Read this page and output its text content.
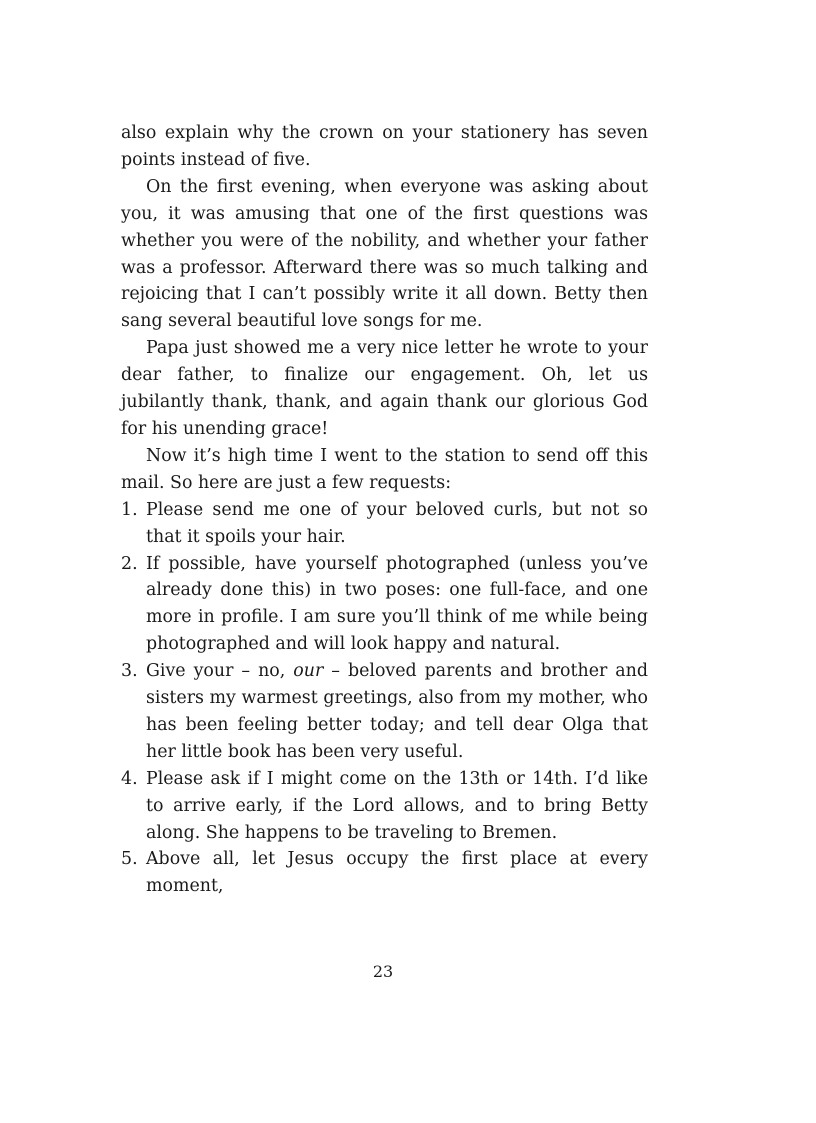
also explain why the crown on your stationery has seven points instead of five.

On the first evening, when everyone was asking about you, it was amusing that one of the first questions was whether you were of the nobility, and whether your father was a professor. Afterward there was so much talking and rejoicing that I can’t possibly write it all down. Betty then sang several beautiful love songs for me.

Papa just showed me a very nice letter he wrote to your dear father, to finalize our engagement. Oh, let us jubilantly thank, thank, and again thank our glorious God for his unending grace!

Now it’s high time I went to the station to send off this mail. So here are just a few requests:

1. Please send me one of your beloved curls, but not so that it spoils your hair.
2. If possible, have yourself photographed (unless you’ve already done this) in two poses: one full-face, and one more in profile. I am sure you’ll think of me while being photographed and will look happy and natural.
3. Give your – no, our – beloved parents and brother and sisters my warmest greetings, also from my mother, who has been feeling better today; and tell dear Olga that her little book has been very useful.
4. Please ask if I might come on the 13th or 14th. I’d like to arrive early, if the Lord allows, and to bring Betty along. She happens to be traveling to Bremen.
5. Above all, let Jesus occupy the first place at every moment,
23
